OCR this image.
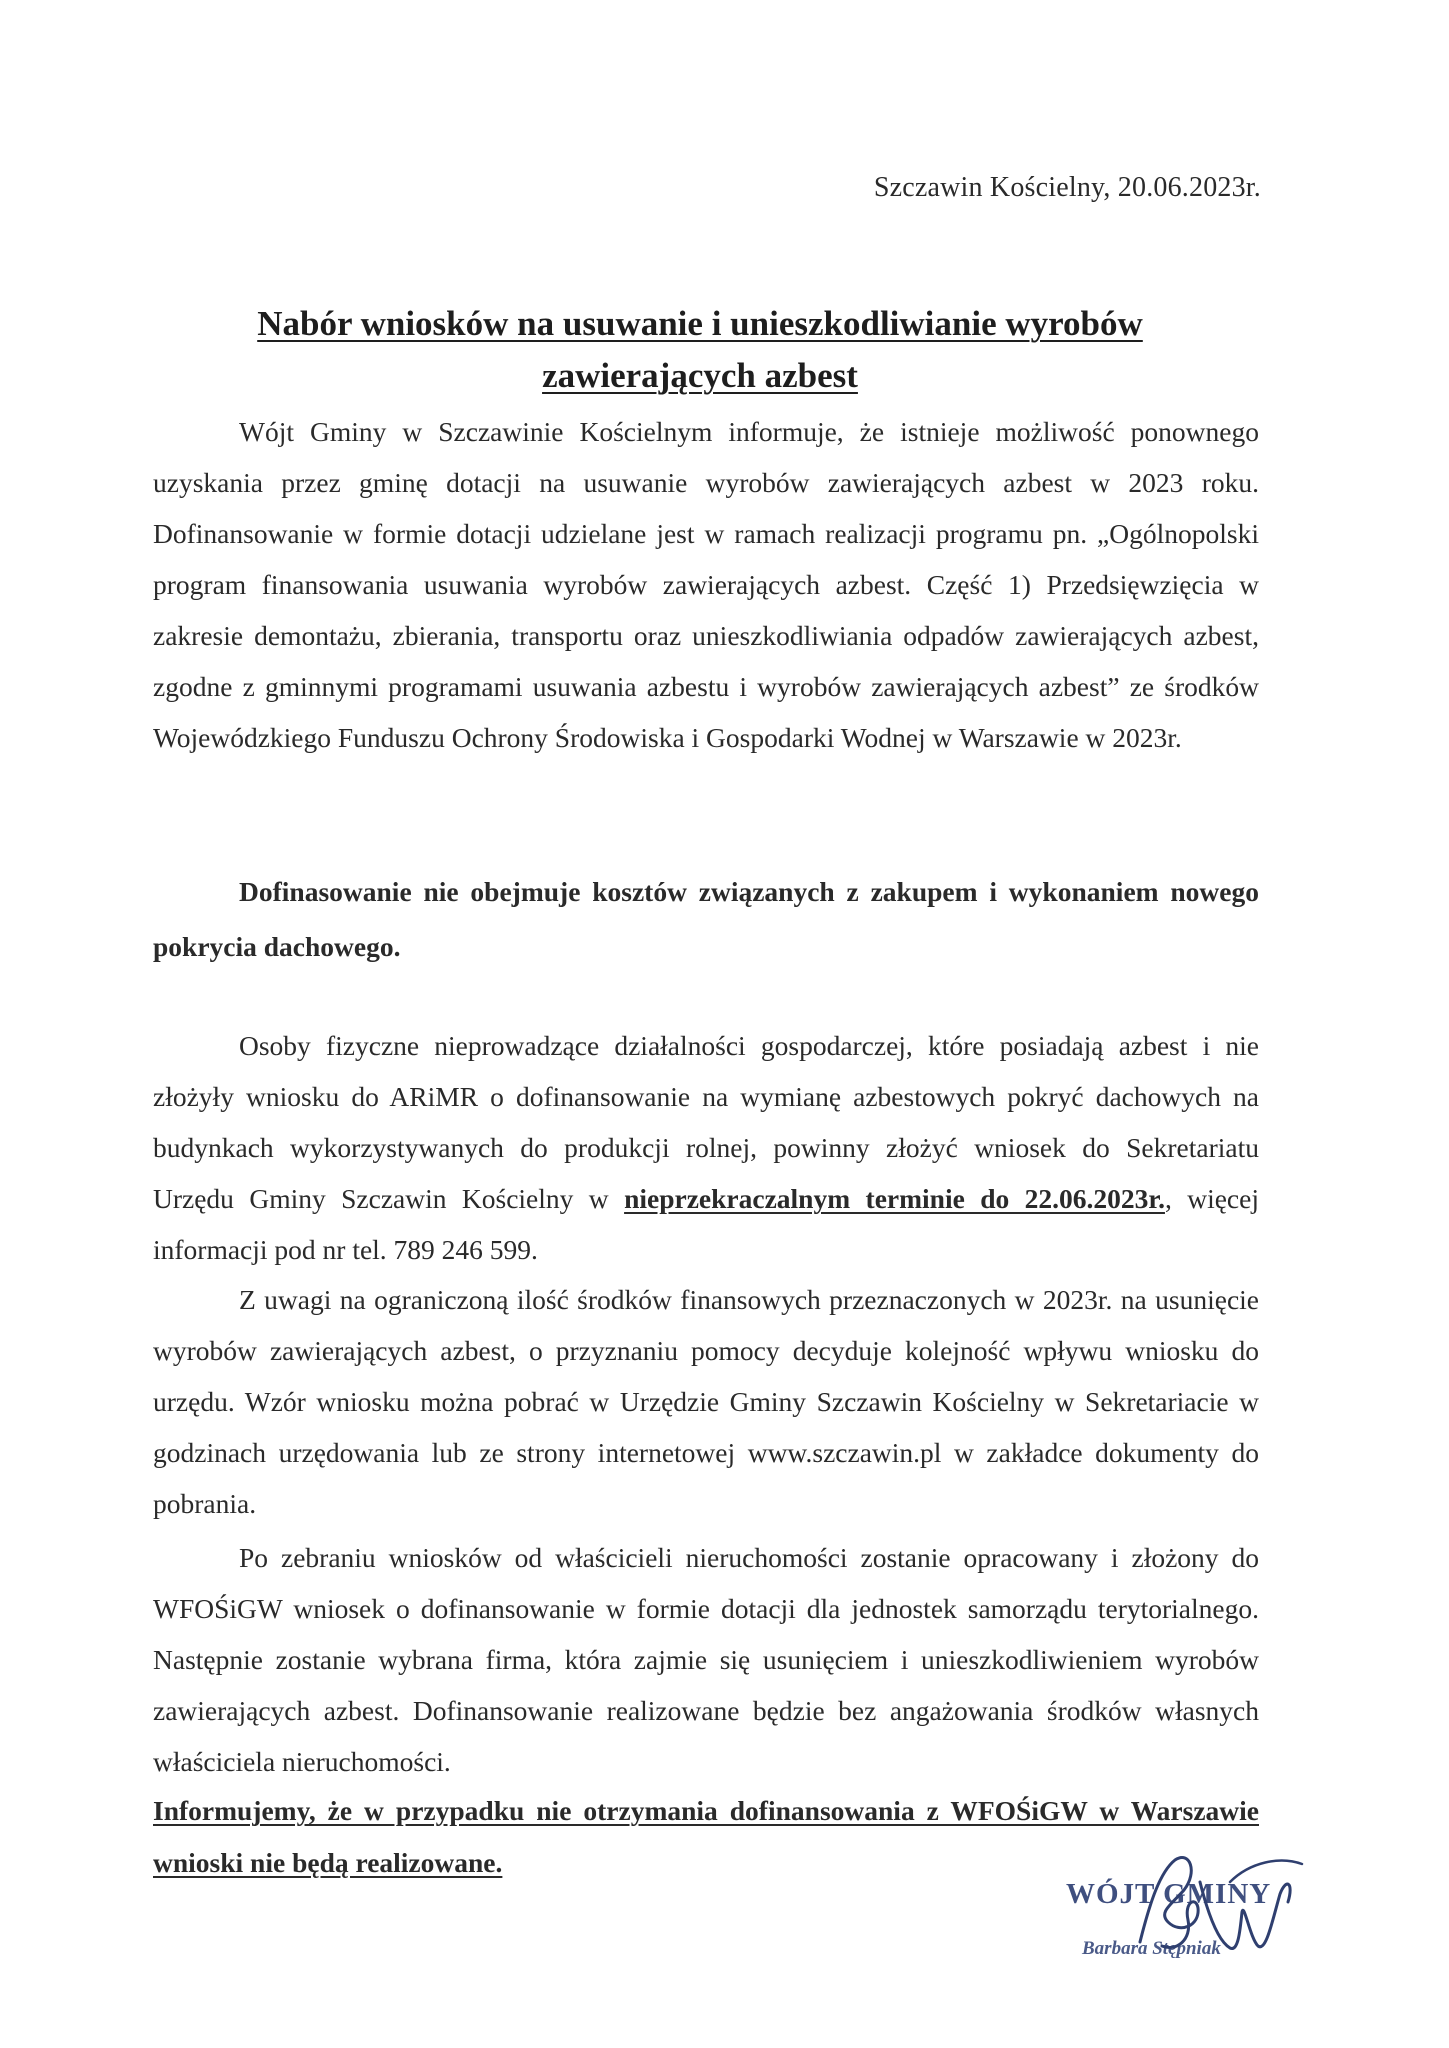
Szczawin Kościelny, 20.06.2023r.
Nabór wniosków na usuwanie i unieszkodliwianie wyrobów
zawierających azbest

Wójt Gminy w Szczawinie Kościelnym informuje, że istnieje możliwość ponownego uzyskania przez gminę dotacji na usuwanie wyrobów zawierających azbest w 2023 roku. Dofinansowanie w formie dotacji udzielane jest w ramach realizacji programu pn. „Ogólnopolski program finansowania usuwania wyrobów zawierających azbest. Część 1) Przedsięwzięcia w zakresie demontażu, zbierania, transportu oraz unieszkodliwiania odpadów zawierających azbest, zgodne z gminnymi programami usuwania azbestu i wyrobów zawierających azbest” ze środków Wojewódzkiego Funduszu Ochrony Środowiska i Gospodarki Wodnej w Warszawie w 2023r.

Dofinasowanie nie obejmuje kosztów związanych z zakupem i wykonaniem nowego pokrycia dachowego.

Osoby fizyczne nieprowadzące działalności gospodarczej, które posiadają azbest i nie złożyły wniosku do ARiMR o dofinansowanie na wymianę azbestowych pokryć dachowych na budynkach wykorzystywanych do produkcji rolnej, powinny złożyć wniosek do Sekretariatu Urzędu Gminy Szczawin Kościelny w nieprzekraczalnym terminie do 22.06.2023r., więcej informacji pod nr tel. 789 246 599.

Z uwagi na ograniczoną ilość środków finansowych przeznaczonych w 2023r. na usunięcie wyrobów zawierających azbest, o przyznaniu pomocy decyduje kolejność wpływu wniosku do urzędu. Wzór wniosku można pobrać w Urzędzie Gminy Szczawin Kościelny w Sekretariacie w godzinach urzędowania lub ze strony internetowej www.szczawin.pl w zakładce dokumenty do pobrania.

Po zebraniu wniosków od właścicieli nieruchomości zostanie opracowany i złożony do WFOŚiGW wniosek o dofinansowanie w formie dotacji dla jednostek samorządu terytorialnego. Następnie zostanie wybrana firma, która zajmie się usunięciem i unieszkodliwieniem wyrobów zawierających azbest. Dofinansowanie realizowane będzie bez angażowania środków własnych właściciela nieruchomości.

Informujemy, że w przypadku nie otrzymania dofinansowania z WFOŚiGW w Warszawie wnioski nie będą realizowane.

WÓJT GMINY
Barbara Stępniak
